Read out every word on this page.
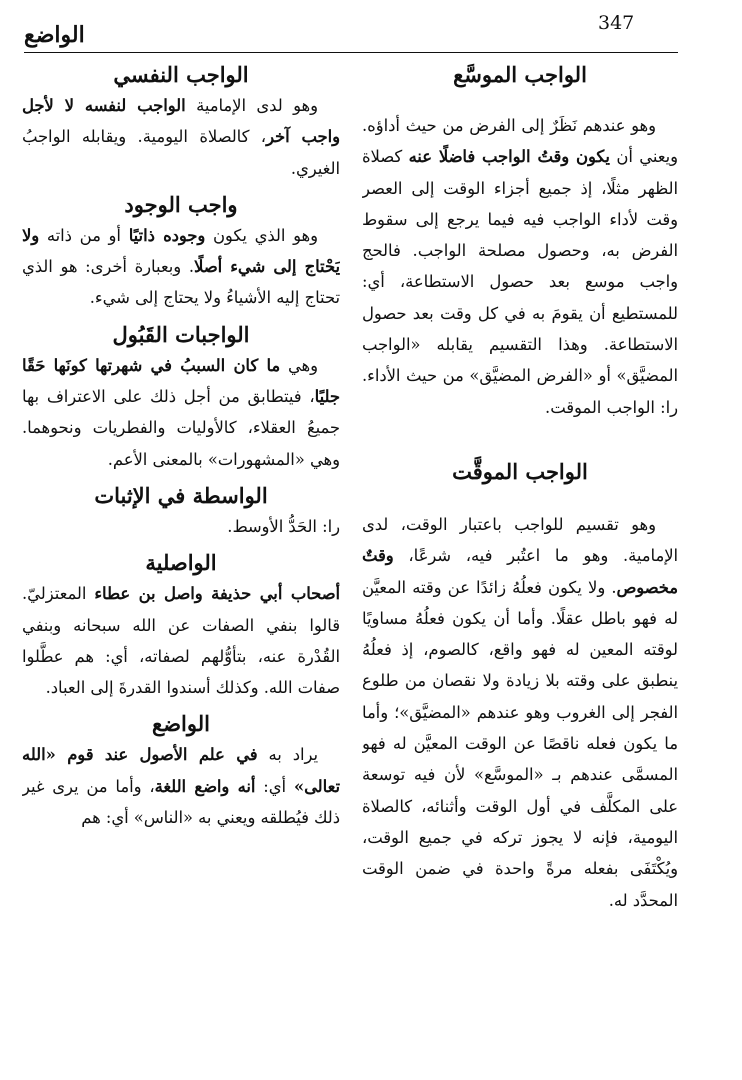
347
الواضع
الواجب الموسَّع

وهو عندهم نَظَرٌ إلى الفرض من حيث أداؤه. ويعني أن يكون وقتُ الواجب فاضلًا عنه كصلاة الظهر مثلًا، إذ جميع أجزاء الوقت إلى العصر وقت لأداء الواجب فيه فيما يرجع إلى سقوط الفرض به، وحصول مصلحة الواجب. فالحج واجب موسع بعد حصول الاستطاعة، أي: للمستطيع أن يقومَ به في كل وقت بعد حصول الاستطاعة. وهذا التقسيم يقابله «الواجب المضيَّق» أو «الفرض المضيَّق» من حيث الأداء. را: الواجب الموقت.

الواجب الموقَّت

وهو تقسيم للواجب باعتبار الوقت، لدى الإمامية. وهو ما اعتُبر فيه، شرعًا، وقتٌ مخصوص. ولا يكون فعلُهُ زائدًا عن وقته المعيَّن له فهو باطل عقلًا. وأما أن يكون فعلُهُ مساويًا لوقته المعين له فهو واقع، كالصوم، إذ فعلُهُ ينطبق على وقته بلا زيادة ولا نقصان من طلوع الفجر إلى الغروب وهو عندهم «المضيَّق»؛ وأما ما يكون فعله ناقصًا عن الوقت المعيَّن له فهو المسمَّى عندهم بـ «الموسَّع» لأن فيه توسعة على المكلَّف في أول الوقت وأثنائه، كالصلاة اليومية، فإنه لا يجوز تركه في جميع الوقت، ويُكْتَفَى بفعله مرةً واحدة في ضمن الوقت المحدَّد له.

الواجب النفسي

وهو لدى الإمامية الواجب لنفسه لا لأجل واجب آخر، كالصلاة اليومية. ويقابله الواجبُ الغيري.

واجب الوجود

وهو الذي يكون وجوده ذاتيًا أو من ذاته ولا يَحْتاج إلى شيء أصلًا. وبعبارة أخرى: هو الذي تحتاج إليه الأشياءُ ولا يحتاج إلى شيء.

الواجبات القَبُول

وهي ما كان السببُ في شهرتها كونَها حَقًا جليًا، فيتطابق من أجل ذلك على الاعتراف بها جميعُ العقلاء، كالأوليات والفطريات ونحوهما. وهي «المشهورات» بالمعنى الأعم.

الواسطة في الإثبات

را: الحَدُّ الأوسط.

الواصلية

أصحاب أبي حذيفة واصل بن عطاء المعتزليّ. قالوا بنفي الصفات عن الله سبحانه وبنفي القُدْرة عنه، بتأوُّلهم لصفاته، أي: هم عطَّلوا صفات الله. وكذلك أسندوا القدرةَ إلى العباد.

الواضع

يراد به في علم الأصول عند قوم «الله تعالى» أي: أنه واضع اللغة، وأما من يرى غير ذلك فيُطلقه ويعني به «الناس» أي: هم
